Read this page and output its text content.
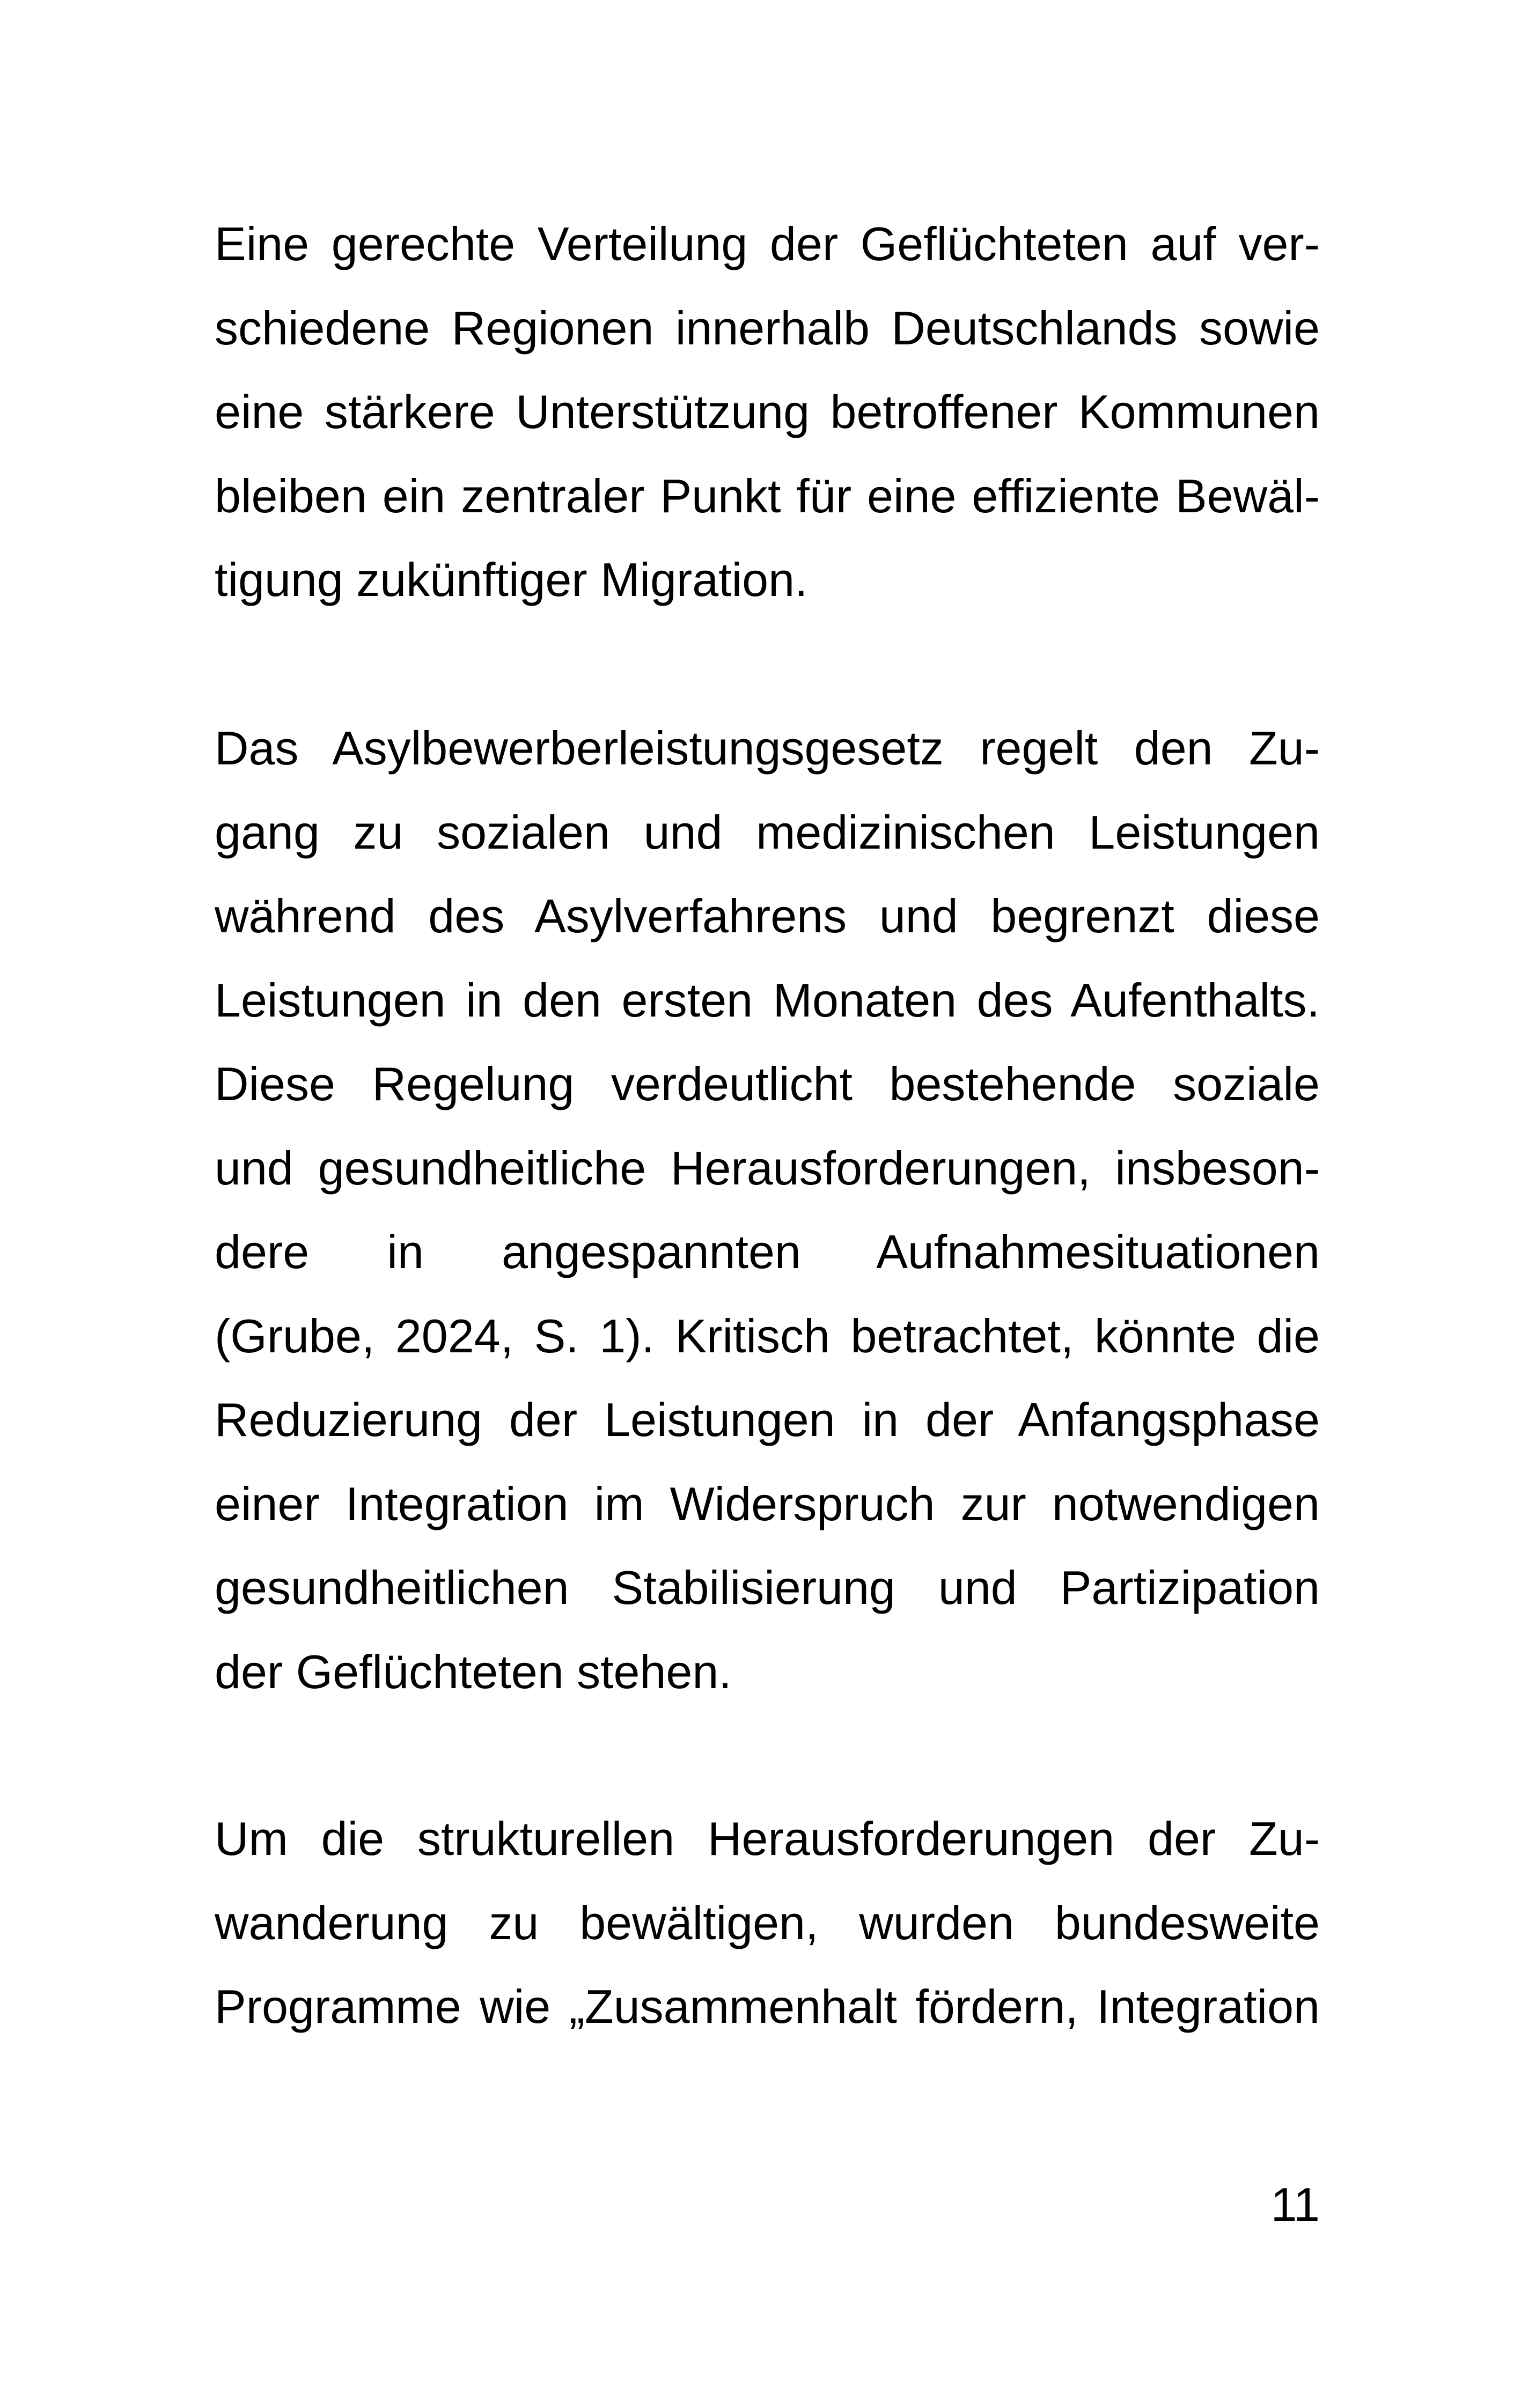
Eine gerechte Verteilung der Geflüchteten auf ver-
schiedene Regionen innerhalb Deutschlands sowie
eine stärkere Unterstützung betroffener Kommunen
bleiben ein zentraler Punkt für eine effiziente Bewäl-
tigung zukünftiger Migration.
Das Asylbewerberleistungsgesetz regelt den Zu-
gang zu sozialen und medizinischen Leistungen
während des Asylverfahrens und begrenzt diese
Leistungen in den ersten Monaten des Aufenthalts.
Diese Regelung verdeutlicht bestehende soziale
und gesundheitliche Herausforderungen, insbeson-
dere in angespannten Aufnahmesituationen
(Grube, 2024, S. 1). Kritisch betrachtet, könnte die
Reduzierung der Leistungen in der Anfangsphase
einer Integration im Widerspruch zur notwendigen
gesundheitlichen Stabilisierung und Partizipation
der Geflüchteten stehen.
Um die strukturellen Herausforderungen der Zu-
wanderung zu bewältigen, wurden bundesweite
Programme wie „Zusammenhalt fördern, Integration
11
